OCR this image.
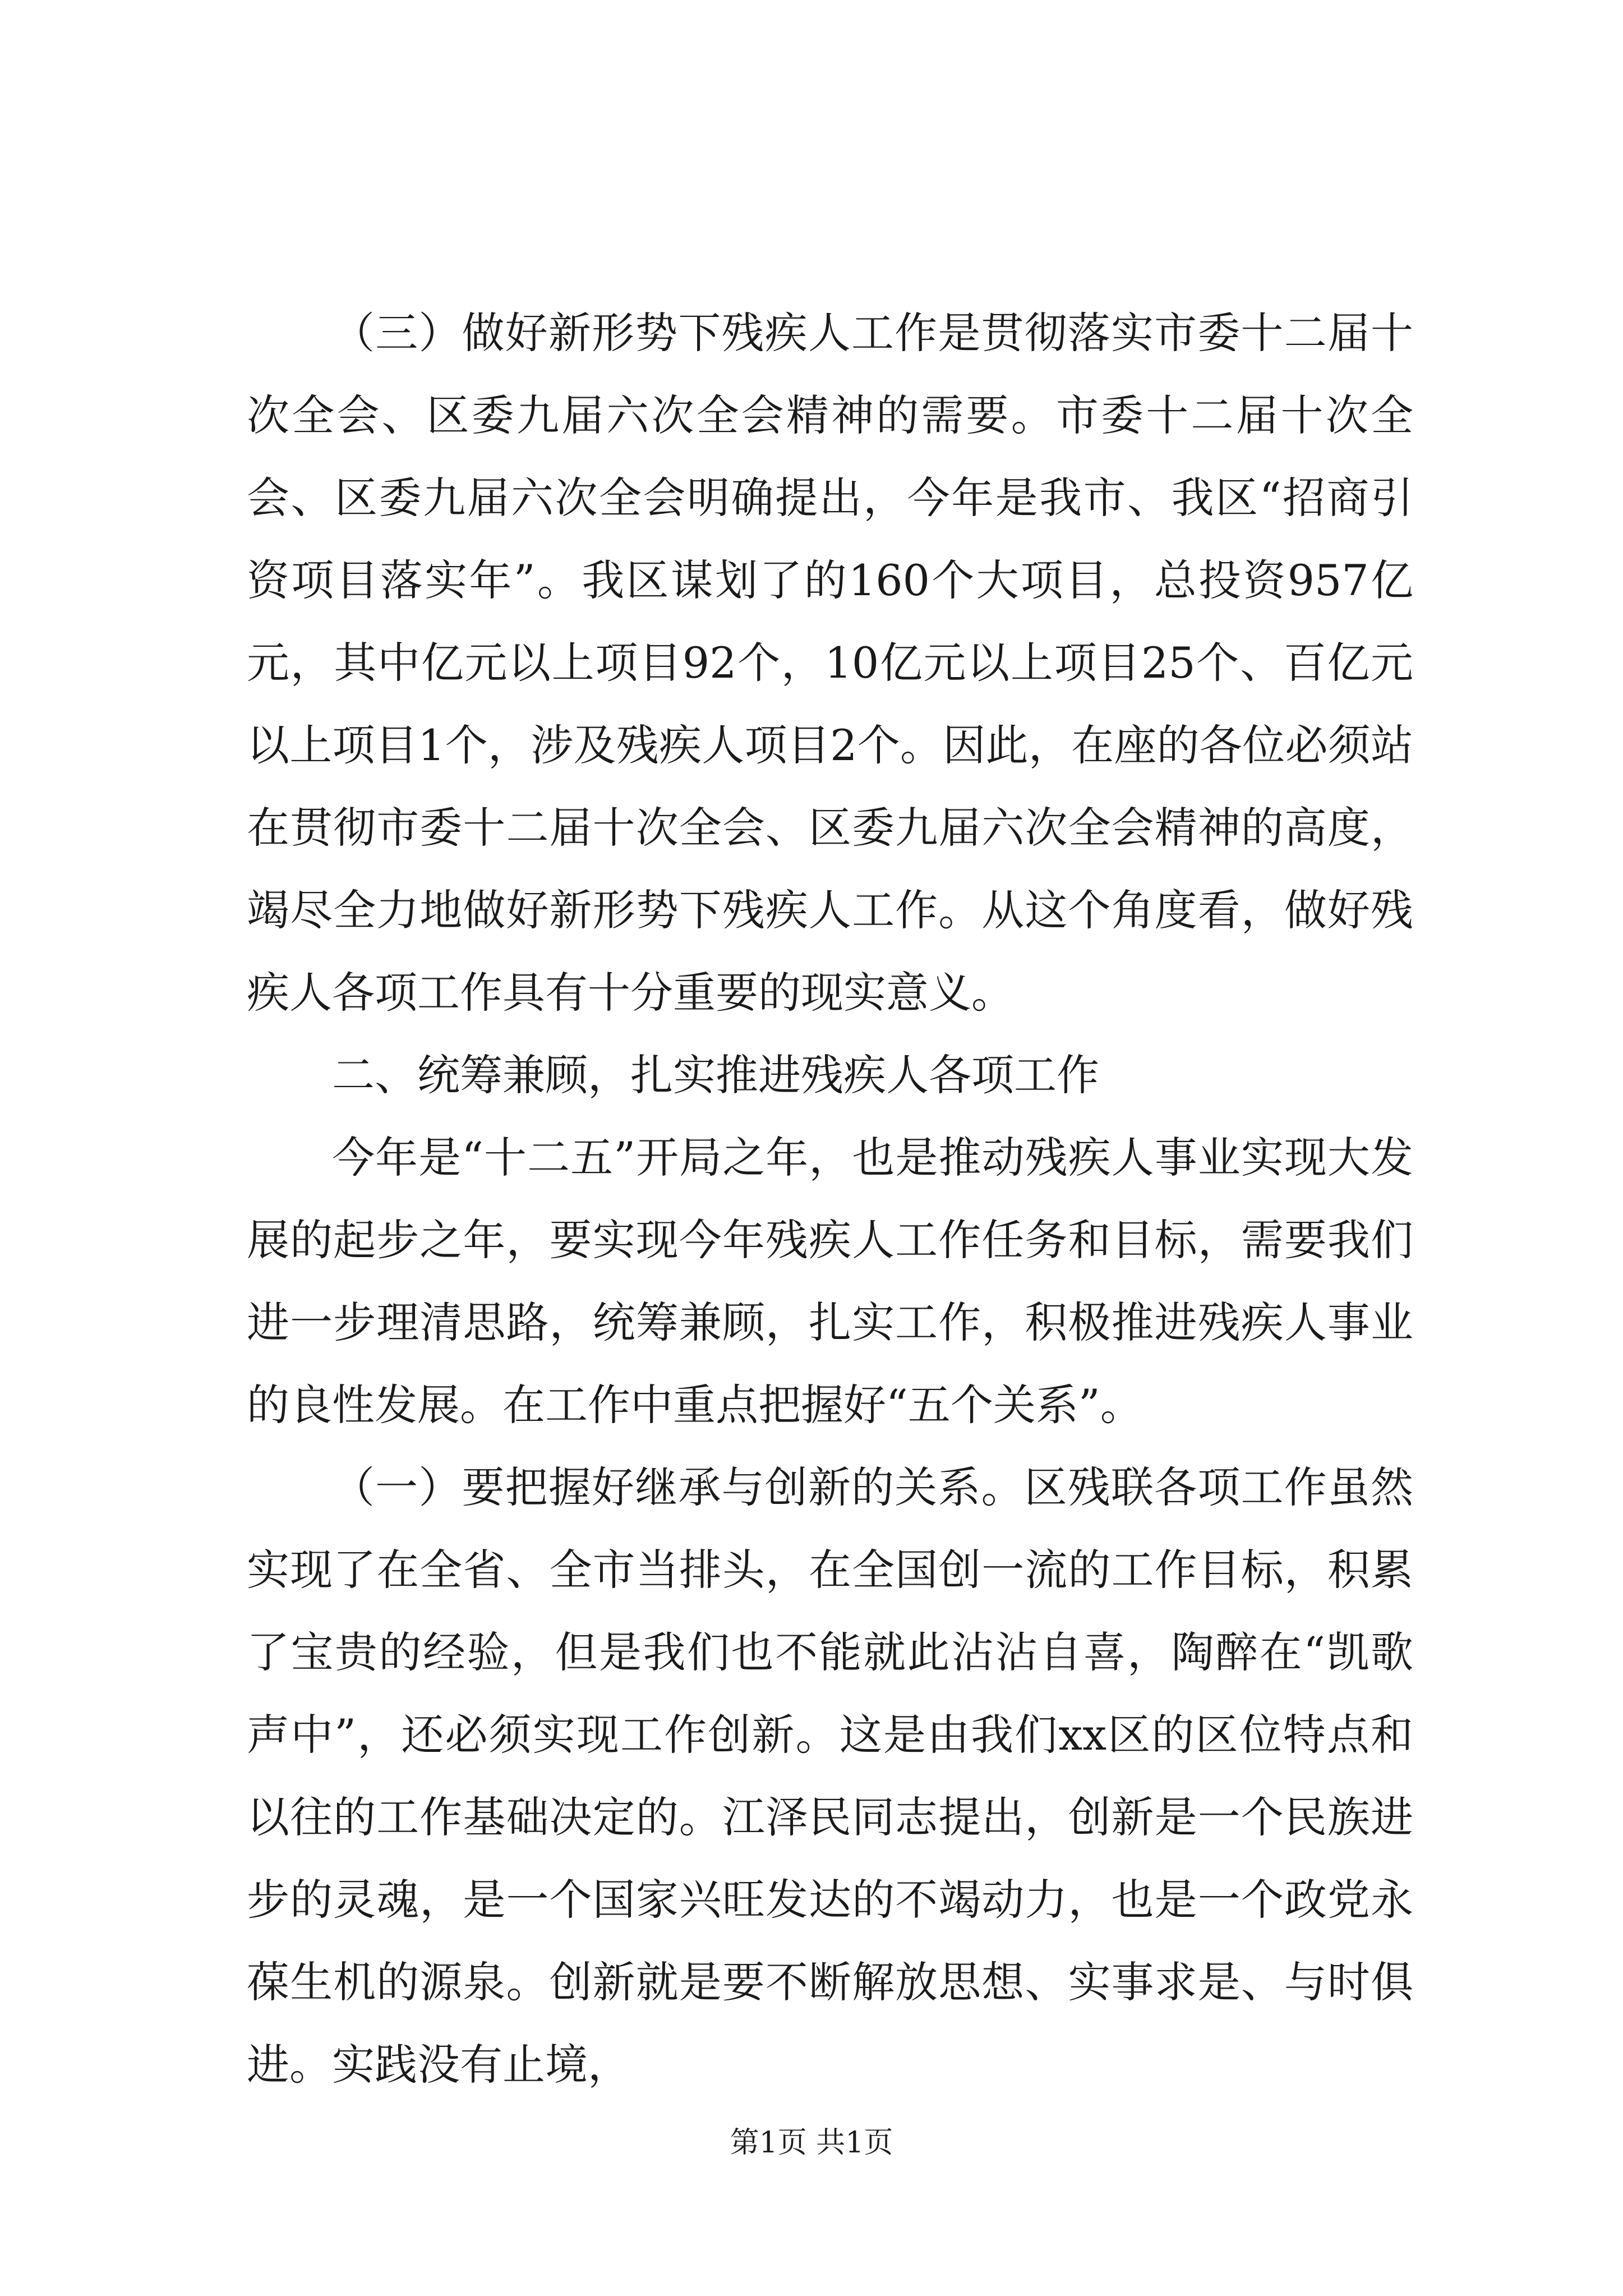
（三）做好新形势下残疾人工作是贯彻落实市委十二届十次全会、区委九届六次全会精神的需要。市委十二届十次全会、区委九届六次全会明确提出，今年是我市、我区“招商引资项目落实年”。我区谋划了的160个大项目，总投资957亿元，其中亿元以上项目92个，10亿元以上项目25个、百亿元以上项目1个，涉及残疾人项目2个。因此，在座的各位必须站在贯彻市委十二届十次全会、区委九届六次全会精神的高度，竭尽全力地做好新形势下残疾人工作。从这个角度看，做好残疾人各项工作具有十分重要的现实意义。

二、统筹兼顾，扎实推进残疾人各项工作

今年是“十二五”开局之年，也是推动残疾人事业实现大发展的起步之年，要实现今年残疾人工作任务和目标，需要我们进一步理清思路，统筹兼顾，扎实工作，积极推进残疾人事业的良性发展。在工作中重点把握好“五个关系”。

（一）要把握好继承与创新的关系。区残联各项工作虽然实现了在全省、全市当排头，在全国创一流的工作目标，积累了宝贵的经验，但是我们也不能就此沾沾自喜，陶醉在“凯歌声中”，还必须实现工作创新。这是由我们xx区的区位特点和以往的工作基础决定的。江泽民同志提出，创新是一个民族进步的灵魂，是一个国家兴旺发达的不竭动力，也是一个政党永葆生机的源泉。创新就是要不断解放思想、实事求是、与时俱进。实践没有止境，

第1页 共1页
